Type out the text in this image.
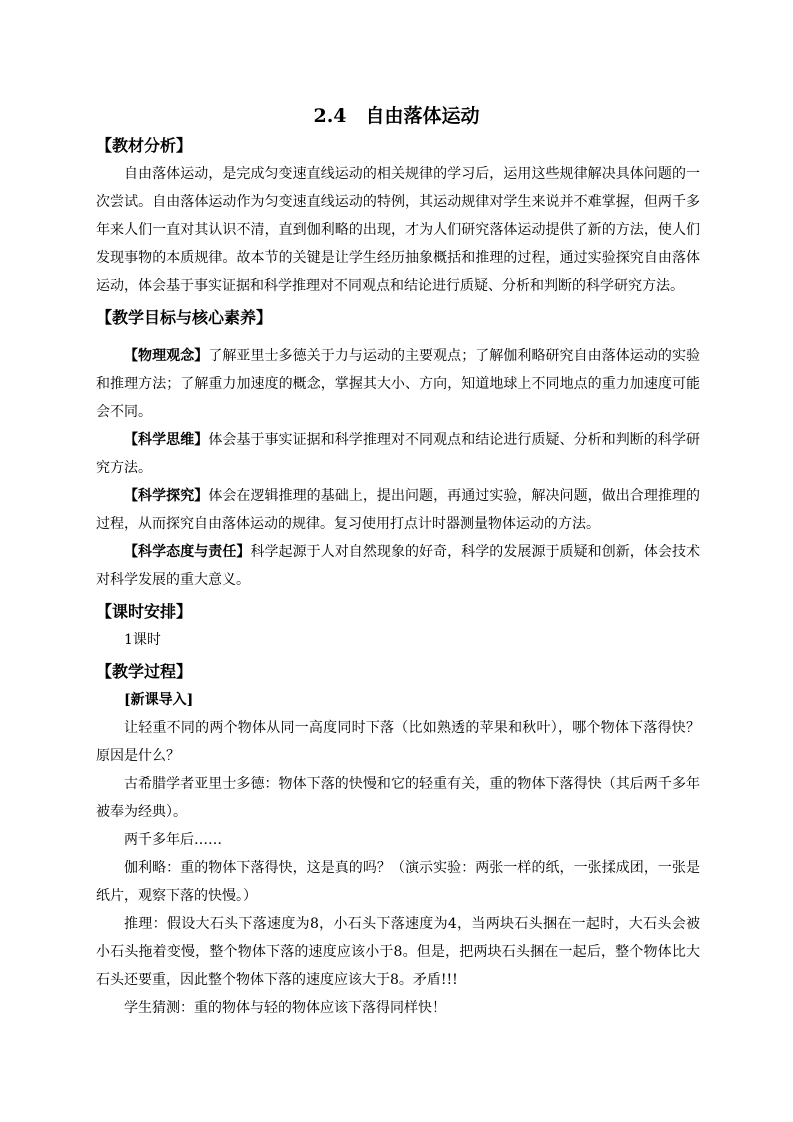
2.4　自由落体运动
【教材分析】

自由落体运动，是完成匀变速直线运动的相关规律的学习后，运用这些规律解决具体问题的一次尝试。自由落体运动作为匀变速直线运动的特例，其运动规律对学生来说并不难掌握，但两千多年来人们一直对其认识不清，直到伽利略的出现，才为人们研究落体运动提供了新的方法，使人们发现事物的本质规律。故本节的关键是让学生经历抽象概括和推理的过程，通过实验探究自由落体运动，体会基于事实证据和科学推理对不同观点和结论进行质疑、分析和判断的科学研究方法。

【教学目标与核心素养】

【物理观念】了解亚里士多德关于力与运动的主要观点；了解伽利略研究自由落体运动的实验和推理方法；了解重力加速度的概念，掌握其大小、方向，知道地球上不同地点的重力加速度可能会不同。

【科学思维】体会基于事实证据和科学推理对不同观点和结论进行质疑、分析和判断的科学研究方法。

【科学探究】体会在逻辑推理的基础上，提出问题，再通过实验，解决问题，做出合理推理的过程，从而探究自由落体运动的规律。复习使用打点计时器测量物体运动的方法。

【科学态度与责任】科学起源于人对自然现象的好奇，科学的发展源于质疑和创新，体会技术对科学发展的重大意义。

【课时安排】

1课时

【教学过程】
[新课导入]

让轻重不同的两个物体从同一高度同时下落（比如熟透的苹果和秋叶），哪个物体下落得快？原因是什么？

古希腊学者亚里士多德：物体下落的快慢和它的轻重有关，重的物体下落得快（其后两千多年被奉为经典）。

两千多年后……

伽利略：重的物体下落得快，这是真的吗？（演示实验：两张一样的纸，一张揉成团，一张是纸片，观察下落的快慢。）

推理：假设大石头下落速度为8，小石头下落速度为4，当两块石头捆在一起时，大石头会被小石头拖着变慢，整个物体下落的速度应该小于8。但是，把两块石头捆在一起后，整个物体比大石头还要重，因此整个物体下落的速度应该大于8。矛盾!!!

学生猜测：重的物体与轻的物体应该下落得同样快！
